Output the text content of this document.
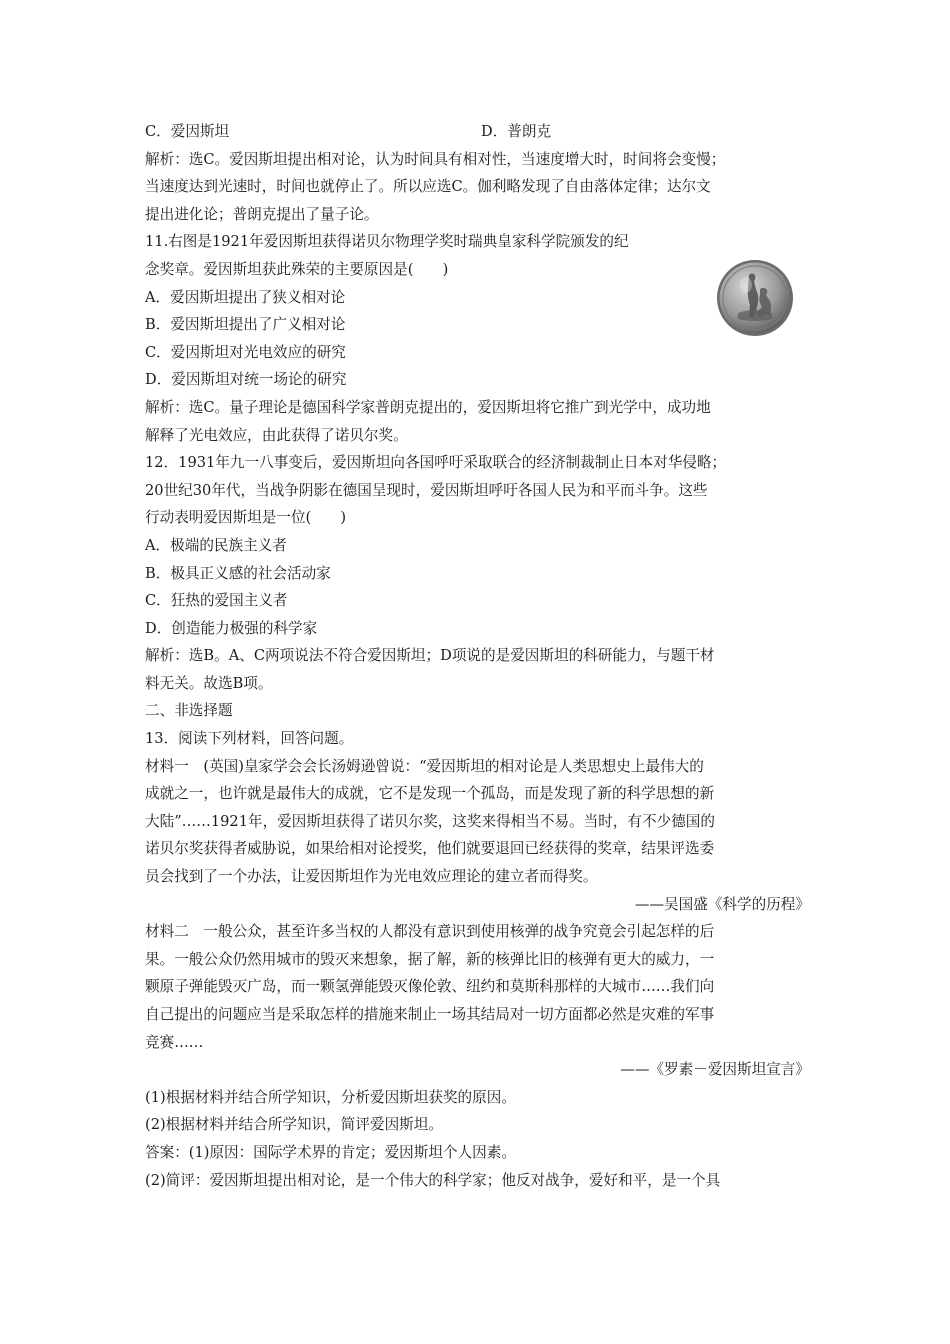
C．爱因斯坦	D．普朗克
解析：选C。爱因斯坦提出相对论，认为时间具有相对性，当速度增大时，时间将会变慢；
当速度达到光速时，时间也就停止了。所以应选C。伽利略发现了自由落体定律；达尔文
提出进化论；普朗克提出了量子论。
11.右图是1921年爱因斯坦获得诺贝尔物理学奖时瑞典皇家科学院颁发的纪
念奖章。爱因斯坦获此殊荣的主要原因是(　　)
A．爱因斯坦提出了狭义相对论
B．爱因斯坦提出了广义相对论
C．爱因斯坦对光电效应的研究
D．爱因斯坦对统一场论的研究
解析：选C。量子理论是德国科学家普朗克提出的，爱因斯坦将它推广到光学中，成功地
解释了光电效应，由此获得了诺贝尔奖。
12．1931年九一八事变后，爱因斯坦向各国呼吁采取联合的经济制裁制止日本对华侵略；
20世纪30年代，当战争阴影在德国呈现时，爱因斯坦呼吁各国人民为和平而斗争。这些
行动表明爱因斯坦是一位(　　)
A．极端的民族主义者
B．极具正义感的社会活动家
C．狂热的爱国主义者
D．创造能力极强的科学家
解析：选B。A、C两项说法不符合爱因斯坦；D项说的是爱因斯坦的科研能力，与题干材
料无关。故选B项。
二、非选择题
13．阅读下列材料，回答问题。
材料一　(英国)皇家学会会长汤姆逊曾说：“爱因斯坦的相对论是人类思想史上最伟大的
成就之一，也许就是最伟大的成就，它不是发现一个孤岛，而是发现了新的科学思想的新
大陆”……1921年，爱因斯坦获得了诺贝尔奖，这奖来得相当不易。当时，有不少德国的
诺贝尔奖获得者威胁说，如果给相对论授奖，他们就要退回已经获得的奖章，结果评选委
员会找到了一个办法，让爱因斯坦作为光电效应理论的建立者而得奖。
——吴国盛《科学的历程》
材料二　一般公众，甚至许多当权的人都没有意识到使用核弹的战争究竟会引起怎样的后
果。一般公众仍然用城市的毁灭来想象，据了解，新的核弹比旧的核弹有更大的威力，一
颗原子弹能毁灭广岛，而一颗氢弹能毁灭像伦敦、纽约和莫斯科那样的大城市……我们向
自己提出的问题应当是采取怎样的措施来制止一场其结局对一切方面都必然是灾难的军事
竞赛……
——《罗素－爱因斯坦宣言》
(1)根据材料并结合所学知识，分析爱因斯坦获奖的原因。
(2)根据材料并结合所学知识，简评爱因斯坦。
答案：(1)原因：国际学术界的肯定；爱因斯坦个人因素。
(2)简评：爱因斯坦提出相对论，是一个伟大的科学家；他反对战争，爱好和平，是一个具
